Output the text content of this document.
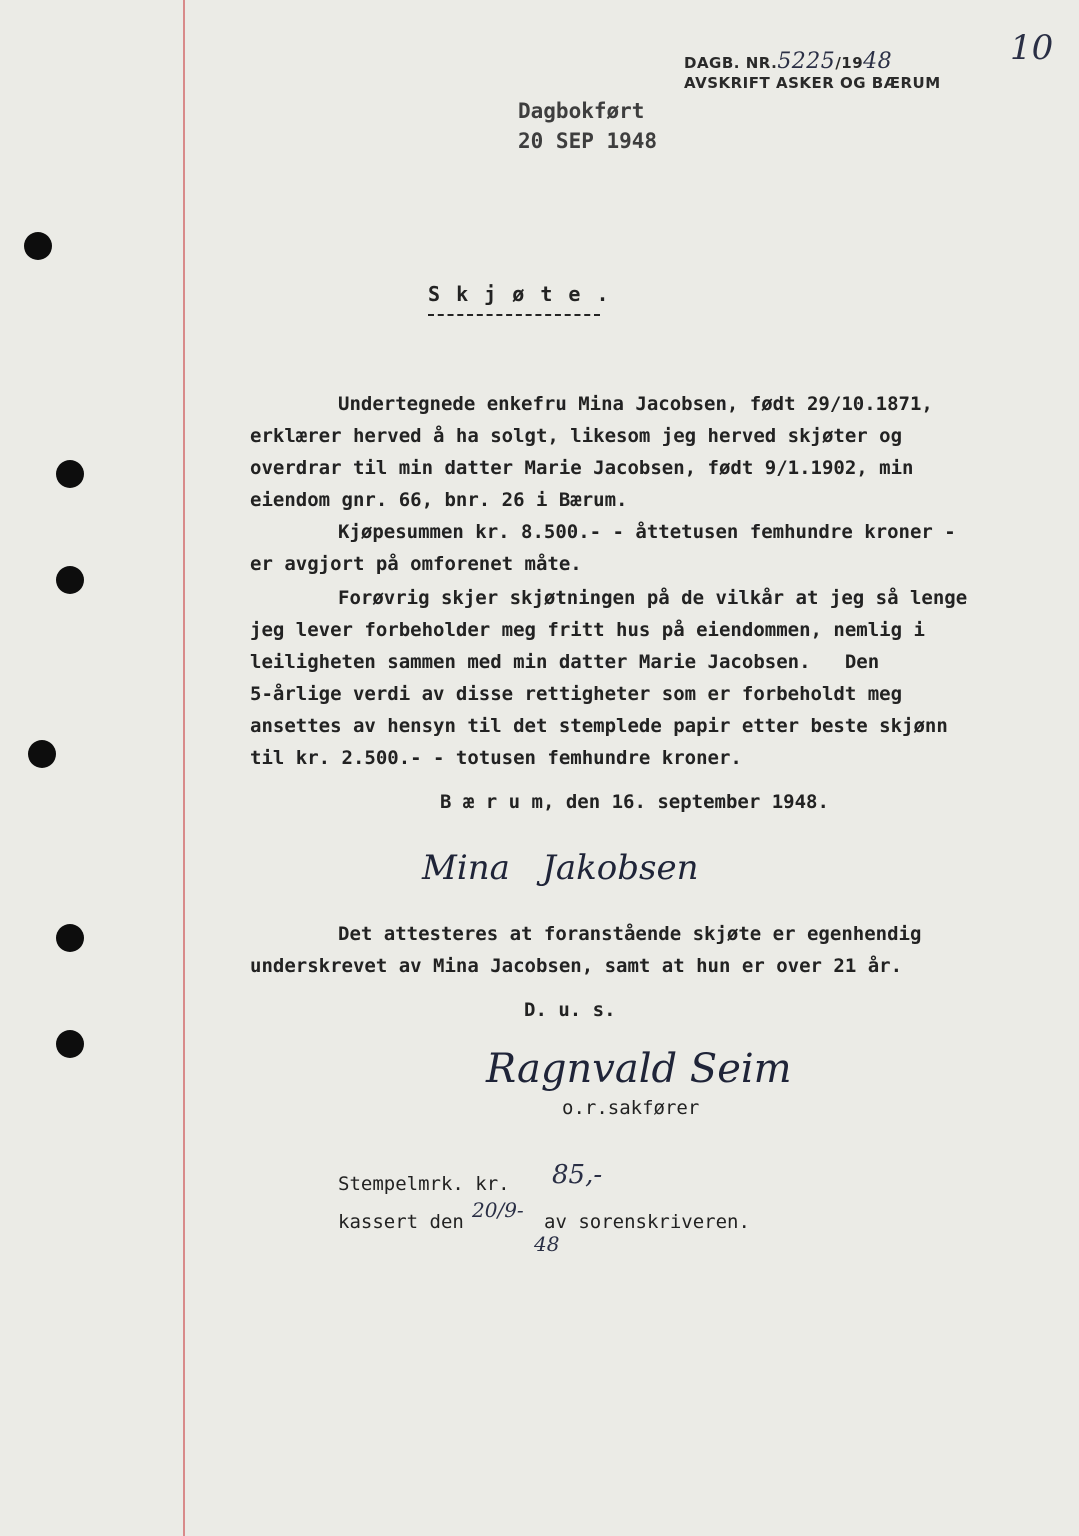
DAGB. NR.5225/1948
AVSKRIFT ASKER OG BÆRUM
10
Dagbokført
20 SEP 1948
S k j ø t e .
Undertegnede enkefru Mina Jacobsen, født 29/10.1871,
erklærer herved å ha solgt, likesom jeg herved skjøter og
overdrar til min datter Marie Jacobsen, født 9/1.1902, min
eiendom gnr. 66, bnr. 26 i Bærum.
Kjøpesummen kr. 8.500.- - åttetusen femhundre kroner -
er avgjort på omforenet måte.
Forøvrig skjer skjøtningen på de vilkår at jeg så lenge
jeg lever forbeholder meg fritt hus på eiendommen, nemlig i
leiligheten sammen med min datter Marie Jacobsen.   Den
5-årlige verdi av disse rettigheter som er forbeholdt meg
ansettes av hensyn til det stemplede papir etter beste skjønn
til kr. 2.500.- - totusen femhundre kroner.
B æ r u m, den 16. september 1948.
Mina   Jakobsen
Det attesteres at foranstående skjøte er egenhendig
underskrevet av Mina Jacobsen, samt at hun er over 21 år.
D. u. s.
Ragnvald Seim
o.r.sakfører
Stempelmrk. kr. 85,-
kassert den 20/9- av sorenskriveren.
48
